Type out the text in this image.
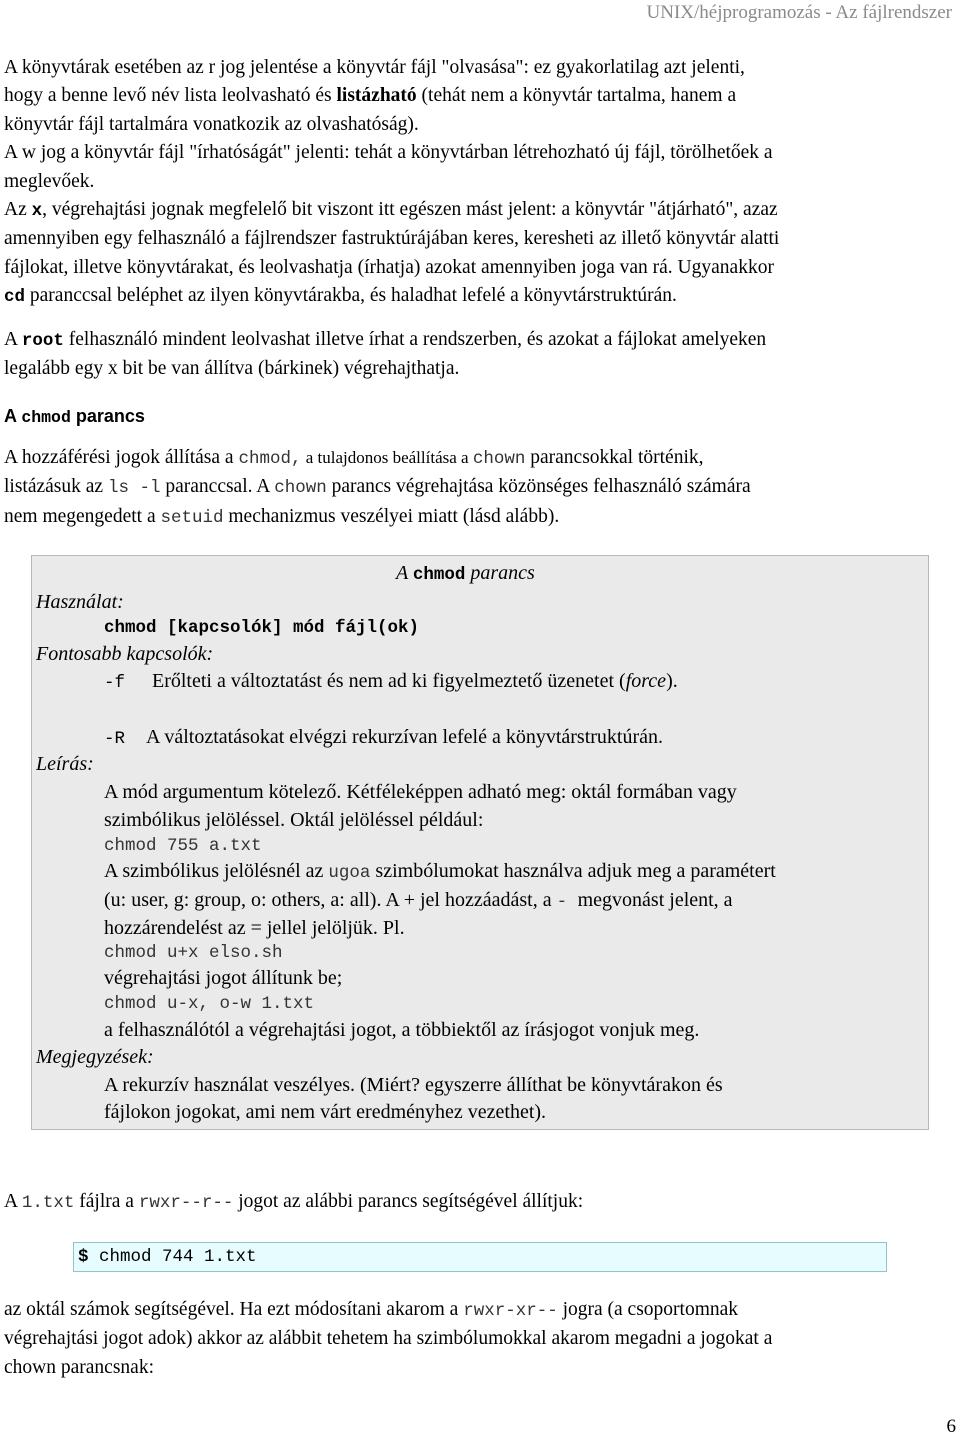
UNIX/héjprogramozás - Az fájlrendszer
A könyvtárak esetében az r jog jelentése a könyvtár fájl "olvasása": ez gyakorlatilag azt jelenti,
hogy a benne levő név lista leolvasható és listázható (tehát nem a könyvtár tartalma, hanem a
könyvtár fájl tartalmára vonatkozik az olvashatóság).
A w jog a könyvtár fájl "írhatóságát" jelenti: tehát a könyvtárban létrehozható új fájl, törölhetőek a
meglevőek.
Az x, végrehajtási jognak megfelelő bit viszont itt egészen mást jelent: a könyvtár "átjárható", azaz
amennyiben egy felhasználó a fájlrendszer fastruktúrájában keres, keresheti az illető könyvtár alatti
fájlokat, illetve könyvtárakat, és leolvashatja (írhatja) azokat amennyiben joga van rá. Ugyanakkor
cd paranccsal beléphet az ilyen könyvtárakba, és haladhat lefelé a könyvtárstruktúrán.
A root felhasználó mindent leolvashat illetve írhat a rendszerben, és azokat a fájlokat amelyeken
legalább egy x bit be van állítva (bárkinek) végrehajthatja.
A chmod parancs
A hozzáférési jogok állítása a chmod, a tulajdonos beállítása a chown parancsokkal történik,
listázásuk az ls -l paranccsal. A chown parancs végrehajtása közönséges felhasználó számára
nem megengedett a setuid mechanizmus veszélyei miatt (lásd alább).
A chmod parancs
Használat:
chmod [kapcsolók] mód fájl(ok)
Fontosabb kapcsolók:
-f Erőlteti a változtatást és nem ad ki figyelmeztető üzenetet (force).
-R A változtatásokat elvégzi rekurzívan lefelé a könyvtárstruktúrán.
Leírás:
A mód argumentum kötelező. Kétféleképpen adható meg: oktál formában vagy
szimbólikus jelöléssel. Oktál jelöléssel például:
chmod 755 a.txt
A szimbólikus jelölésnél az ugoa szimbólumokat használva adjuk meg a paramétert
(u: user, g: group, o: others, a: all). A + jel hozzáadást, a - megvonást jelent, a
hozzárendelést az = jellel jelöljük. Pl.
chmod u+x elso.sh
végrehajtási jogot állítunk be;
chmod u-x, o-w 1.txt
a felhasználótól a végrehajtási jogot, a többiektől az írásjogot vonjuk meg.
Megjegyzések:
A rekurzív használat veszélyes. (Miért? egyszerre állíthat be könyvtárakon és
fájlokon jogokat, ami nem várt eredményhez vezethet).
A 1.txt fájlra a rwxr--r-- jogot az alábbi parancs segítségével állítjuk:
$ chmod 744 1.txt
az oktál számok segítségével. Ha ezt módosítani akarom a rwxr-xr-- jogra (a csoportomnak
végrehajtási jogot adok) akkor az alábbit tehetem ha szimbólumokkal akarom megadni a jogokat a
chown parancsnak:
6
